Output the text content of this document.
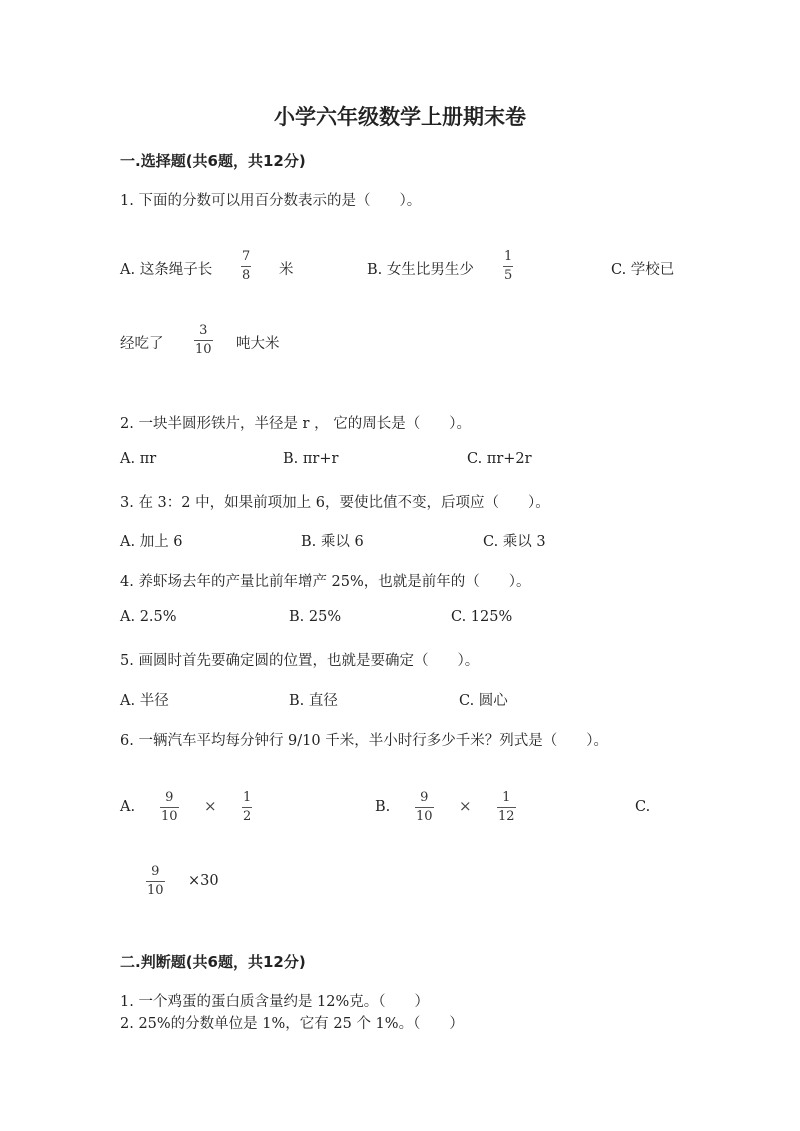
小学六年级数学上册期末卷
一.选择题(共6题，共12分)
1. 下面的分数可以用百分数表示的是（　　）。
A. 这条绳子长
7
8 米	B. 女生比男生少
1
5	C. 学校已
经吃了
3
10 吨大米
2. 一块半圆形铁片，半径是 r ， 它的周长是（　　）。
A. πr	B. πr+r	C. πr+2r
3. 在 3：2 中，如果前项加上 6，要使比值不变，后项应（　　）。
A. 加上 6	B. 乘以 6	C. 乘以 3
4. 养虾场去年的产量比前年增产 25%，也就是前年的（　　）。
A. 2.5%	B. 25%	C. 125%
5. 画圆时首先要确定圆的位置，也就是要确定（　　）。
A. 半径	B. 直径	C. 圆心
6. 一辆汽车平均每分钟行 9/10 千米，半小时行多少千米？列式是（　　）。
A.
9
10
× 1
2
B.
9
10
× 1
12
C.
9
10
×30
二.判断题(共6题，共12分)
1. 一个鸡蛋的蛋白质含量约是 12%克。（　　）
2. 25%的分数单位是 1%，它有 25 个 1%。（　　）
